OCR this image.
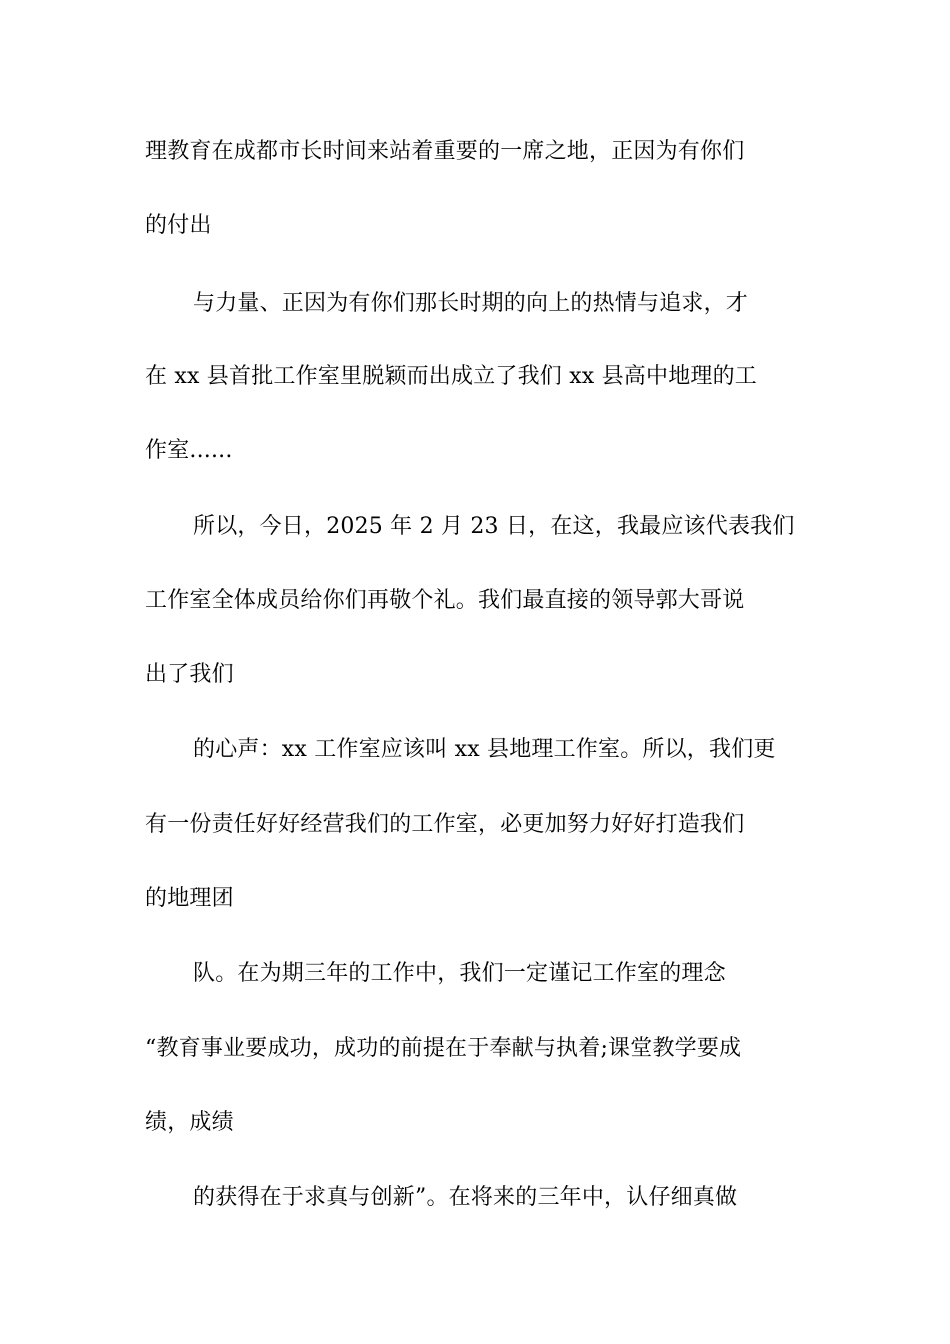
理教育在成都市长时间来站着重要的一席之地，正因为有你们
的付出
与力量、正因为有你们那长时期的向上的热情与追求，才
在 xx 县首批工作室里脱颖而出成立了我们 xx 县高中地理的工
作室......
所以，今日，2025 年 2 月 23 日，在这，我最应该代表我们
工作室全体成员给你们再敬个礼。我们最直接的领导郭大哥说
出了我们
的心声：xx 工作室应该叫 xx 县地理工作室。所以，我们更
有一份责任好好经营我们的工作室，必更加努力好好打造我们
的地理团
队。在为期三年的工作中，我们一定谨记工作室的理念
“教育事业要成功，成功的前提在于奉献与执着;课堂教学要成
绩，成绩
的获得在于求真与创新”。在将来的三年中，认仔细真做
